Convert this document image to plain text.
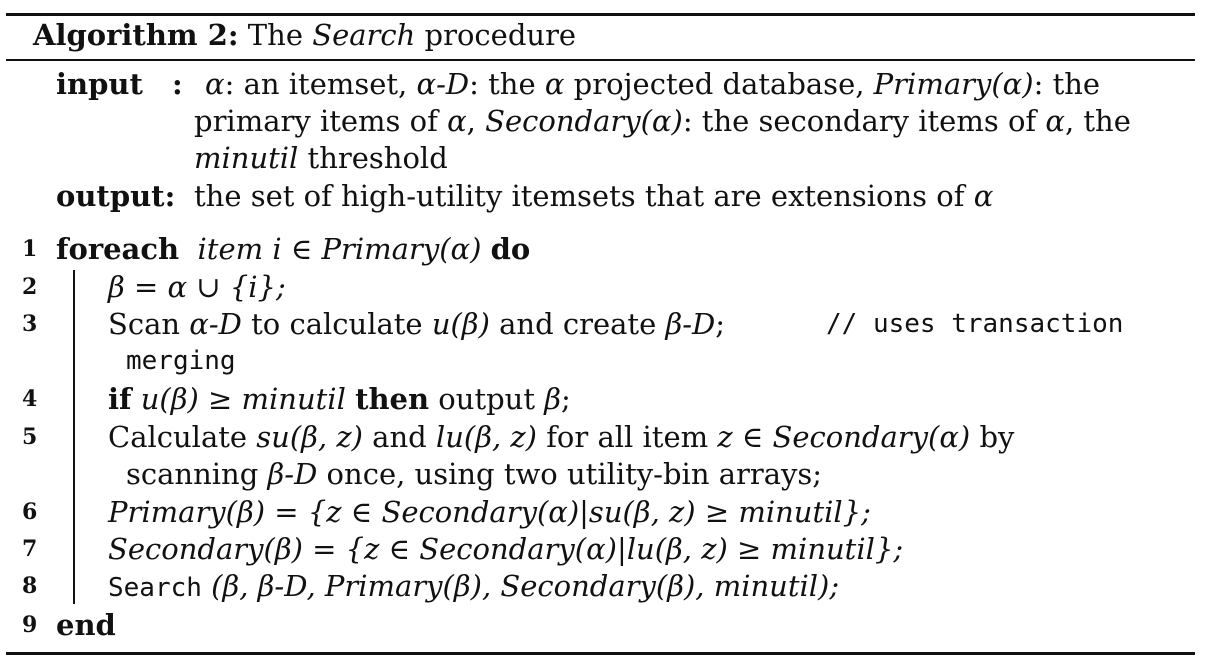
Algorithm 2: The Search procedure
input : α: an itemset, α-D: the α projected database, Primary(α): the
primary items of α, Secondary(α): the secondary items of α, the
minutil threshold
output: the set of high-utility itemsets that are extensions of α
1 foreach item i ∈ Primary(α) do
2 β = α ∪ {i};
3 Scan α-D to calculate u(β) and create β-D;	// uses transaction
merging
4 if u(β) ≥ minutil then output β;
5 Calculate su(β, z) and lu(β, z) for all item z ∈ Secondary(α) by
scanning β-D once, using two utility-bin arrays;
6 Primary(β) = {z ∈ Secondary(α)|su(β, z) ≥ minutil};
7 Secondary(β) = {z ∈ Secondary(α)|lu(β, z) ≥ minutil};
8	Search (β, β-D, Primary(β), Secondary(β), minutil);
9 end
